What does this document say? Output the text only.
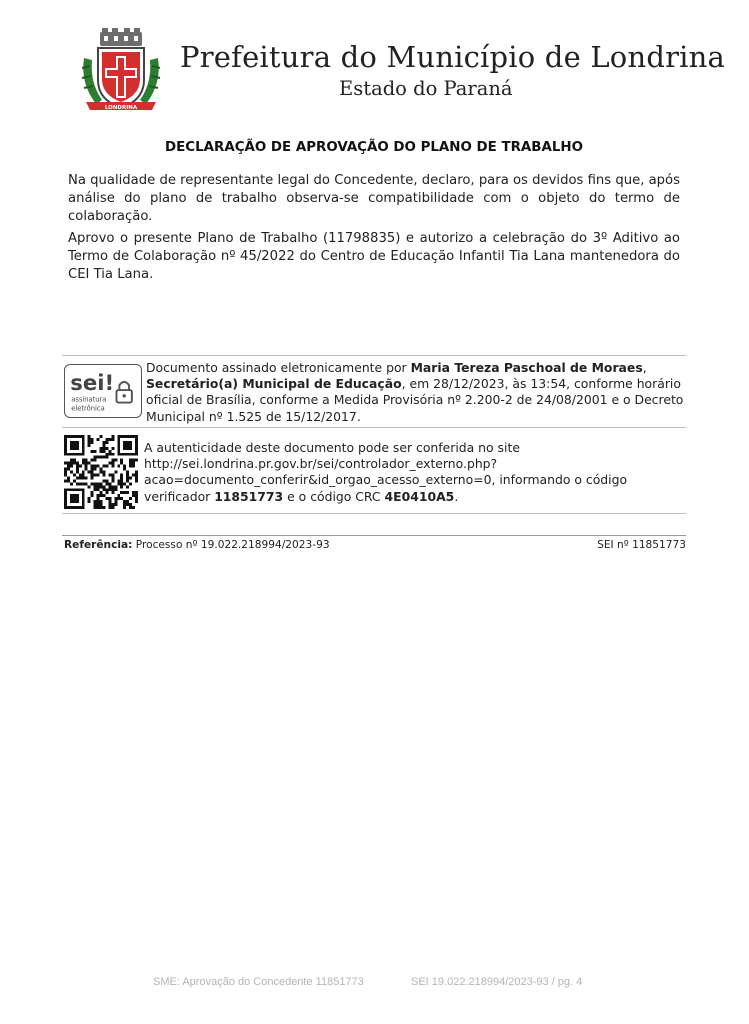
LONDRINA
Prefeitura do Município de Londrina
Estado do Paraná
DECLARAÇÃO DE APROVAÇÃO DO PLANO DE TRABALHO
Na qualidade de representante legal do Concedente, declaro, para os devidos fins que, após análise do plano de trabalho observa-se compatibilidade com o objeto do termo de colaboração.
Aprovo o presente Plano de Trabalho (11798835) e autorizo a celebração do 3º Aditivo ao Termo de Colaboração nº 45/2022 do Centro de Educação Infantil Tia Lana mantenedora do CEI Tia Lana.
sei!
assinatura
eletrônica
Documento assinado eletronicamente por Maria Tereza Paschoal de Moraes, Secretário(a) Municipal de Educação, em 28/12/2023, às 13:54, conforme horário oficial de Brasília, conforme a Medida Provisória nº 2.200-2 de 24/08/2001 e o Decreto Municipal nº 1.525 de 15/12/2017.
A autenticidade deste documento pode ser conferida no site
http://sei.londrina.pr.gov.br/sei/controlador_externo.php?acao=documento_conferir&id_orgao_acesso_externo=0, informando o código verificador 11851773 e o código CRC 4E0410A5.
Referência: Processo nº 19.022.218994/2023-93	SEI nº 11851773
SME: Aprovação do Concedente 11851773	SEI 19.022.218994/2023-93 / pg. 4
